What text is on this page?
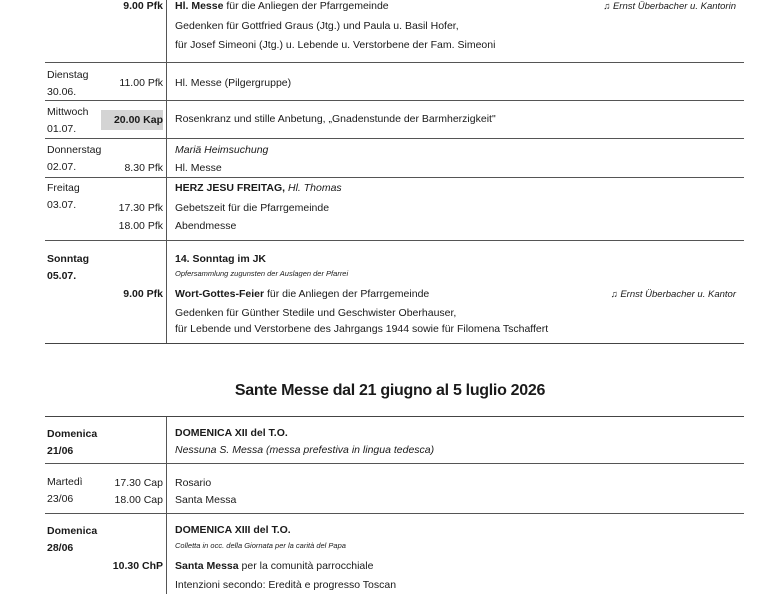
9.00 Pfk Hl. Messe für die Anliegen der Pfarrgemeinde	♫ Ernst Überbacher u. Kantorin
Gedenken für Gottfried Graus (Jtg.) und Paula u. Basil Hofer,
für Josef Simeoni (Jtg.) u. Lebende u. Verstorbene der Fam. Simeoni
Dienstag
30.06.
11.00 Pfk Hl. Messe (Pilgergruppe)
Mittwoch
01.07.
20.00 Kap Rosenkranz und stille Anbetung, „Gnadenstunde der Barmherzigkeit"
Donnerstag
02.07.
Mariä Heimsuchung
8.30 Pfk Hl. Messe
Freitag
03.07.
HERZ JESU FREITAG, Hl. Thomas
17.30 Pfk Gebetszeit für die Pfarrgemeinde
18.00 Pfk Abendmesse
Sonntag
05.07.
14. Sonntag im JK
Opfersammlung zugunsten der Auslagen der Pfarrei
9.00 Pfk Wort-Gottes-Feier für die Anliegen der Pfarrgemeinde	♫ Ernst Überbacher u. Kantor
Gedenken für Günther Stedile und Geschwister Oberhauser,
für Lebende und Verstorbene des Jahrgangs 1944 sowie für Filomena Tschaffert
Sante Messe dal 21 giugno al 5 luglio 2026
Domenica
21/06
DOMENICA XII del T.O.
Nessuna S. Messa (messa prefestiva in lingua tedesca)
Martedì
23/06
17.30 Cap Rosario
18.00 Cap Santa Messa
Domenica
28/06
DOMENICA XIII del T.O.
Colletta in occ. della Giornata per la carità del Papa
10.30 ChP Santa Messa per la comunità parrocchiale
Intenzioni secondo: Eredità e progresso Toscan
